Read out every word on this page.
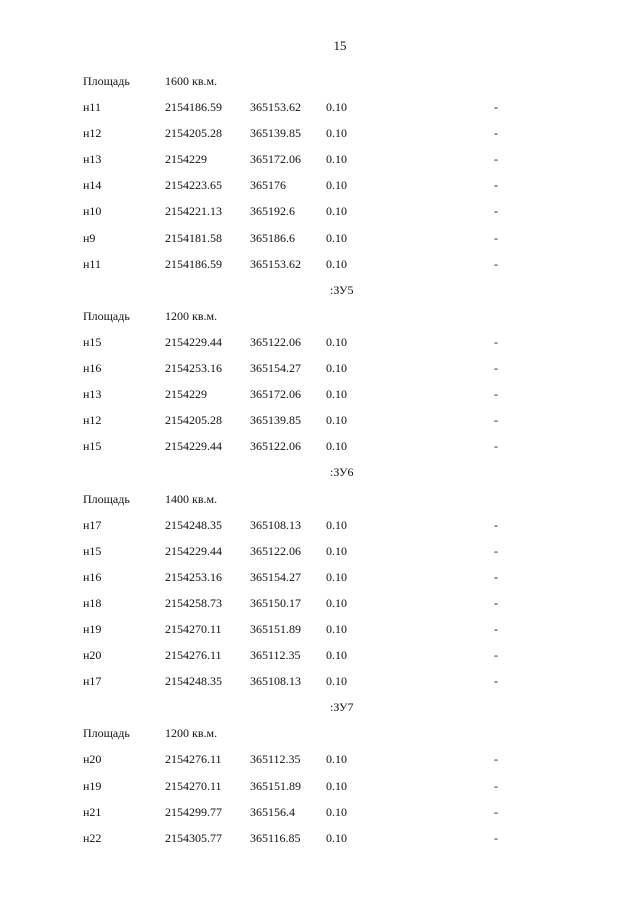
15
Площадь	1600 кв.м.
н11	2154186.59 365153.62 0.10	-
н12	2154205.28 365139.85 0.10	-
н13	2154229	365172.06 0.10	-
н14	2154223.65 365176	0.10	-
н10	2154221.13 365192.6	0.10	-
н9	2154181.58 365186.6	0.10	-
н11	2154186.59 365153.62 0.10	-
:ЗУ5
Площадь	1200 кв.м.
н15	2154229.44 365122.06 0.10	-
н16	2154253.16 365154.27 0.10	-
н13	2154229	365172.06 0.10	-
н12	2154205.28 365139.85 0.10	-
н15	2154229.44 365122.06 0.10	-
:ЗУ6
Площадь	1400 кв.м.
н17	2154248.35 365108.13 0.10	-
н15	2154229.44 365122.06 0.10	-
н16	2154253.16 365154.27 0.10	-
н18	2154258.73 365150.17 0.10	-
н19	2154270.11 365151.89 0.10	-
н20	2154276.11 365112.35 0.10	-
н17	2154248.35 365108.13 0.10	-
:ЗУ7
Площадь	1200 кв.м.
н20	2154276.11 365112.35 0.10	-
н19	2154270.11 365151.89 0.10	-
н21	2154299.77 365156.4	0.10	-
н22	2154305.77 365116.85 0.10	-
